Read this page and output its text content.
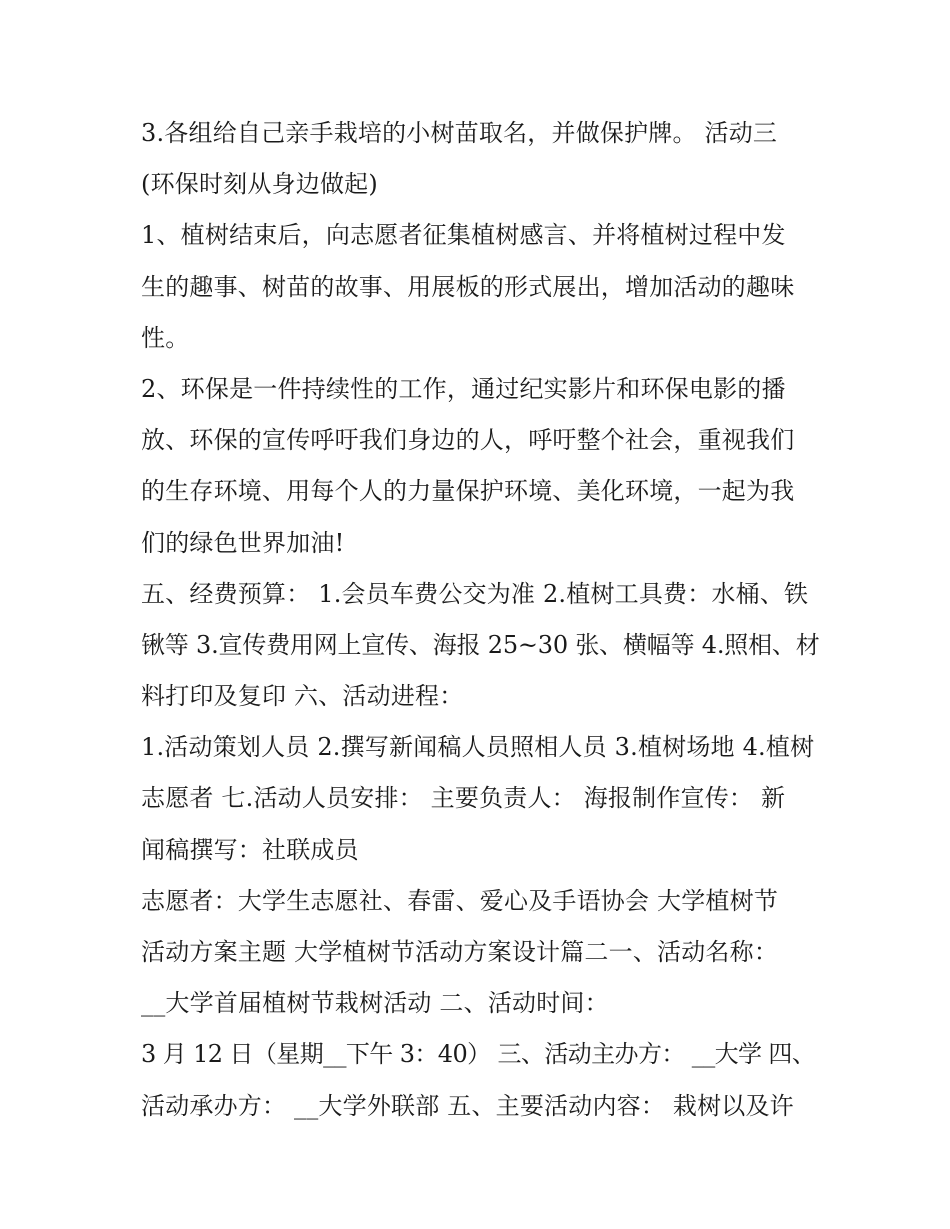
3.各组给自己亲手栽培的小树苗取名，并做保护牌。 活动三
(环保时刻从身边做起)
1、植树结束后，向志愿者征集植树感言、并将植树过程中发
生的趣事、树苗的故事、用展板的形式展出，增加活动的趣味
性。
2、环保是一件持续性的工作，通过纪实影片和环保电影的播
放、环保的宣传呼吁我们身边的人，呼吁整个社会，重视我们
的生存环境、用每个人的力量保护环境、美化环境，一起为我
们的绿色世界加油!
五、经费预算： 1.会员车费公交为准 2.植树工具费：水桶、铁
锹等 3.宣传费用网上宣传、海报 25~30 张、横幅等 4.照相、材
料打印及复印 六、活动进程：
1.活动策划人员 2.撰写新闻稿人员照相人员 3.植树场地 4.植树
志愿者 七.活动人员安排： 主要负责人： 海报制作宣传： 新
闻稿撰写：社联成员
志愿者：大学生志愿社、春雷、爱心及手语协会 大学植树节
活动方案主题 大学植树节活动方案设计篇二一、活动名称：
__大学首届植树节栽树活动 二、活动时间：
3 月 12 日（星期__下午 3：40） 三、活动主办方： __大学 四、
活动承办方： __大学外联部 五、主要活动内容： 栽树以及许
